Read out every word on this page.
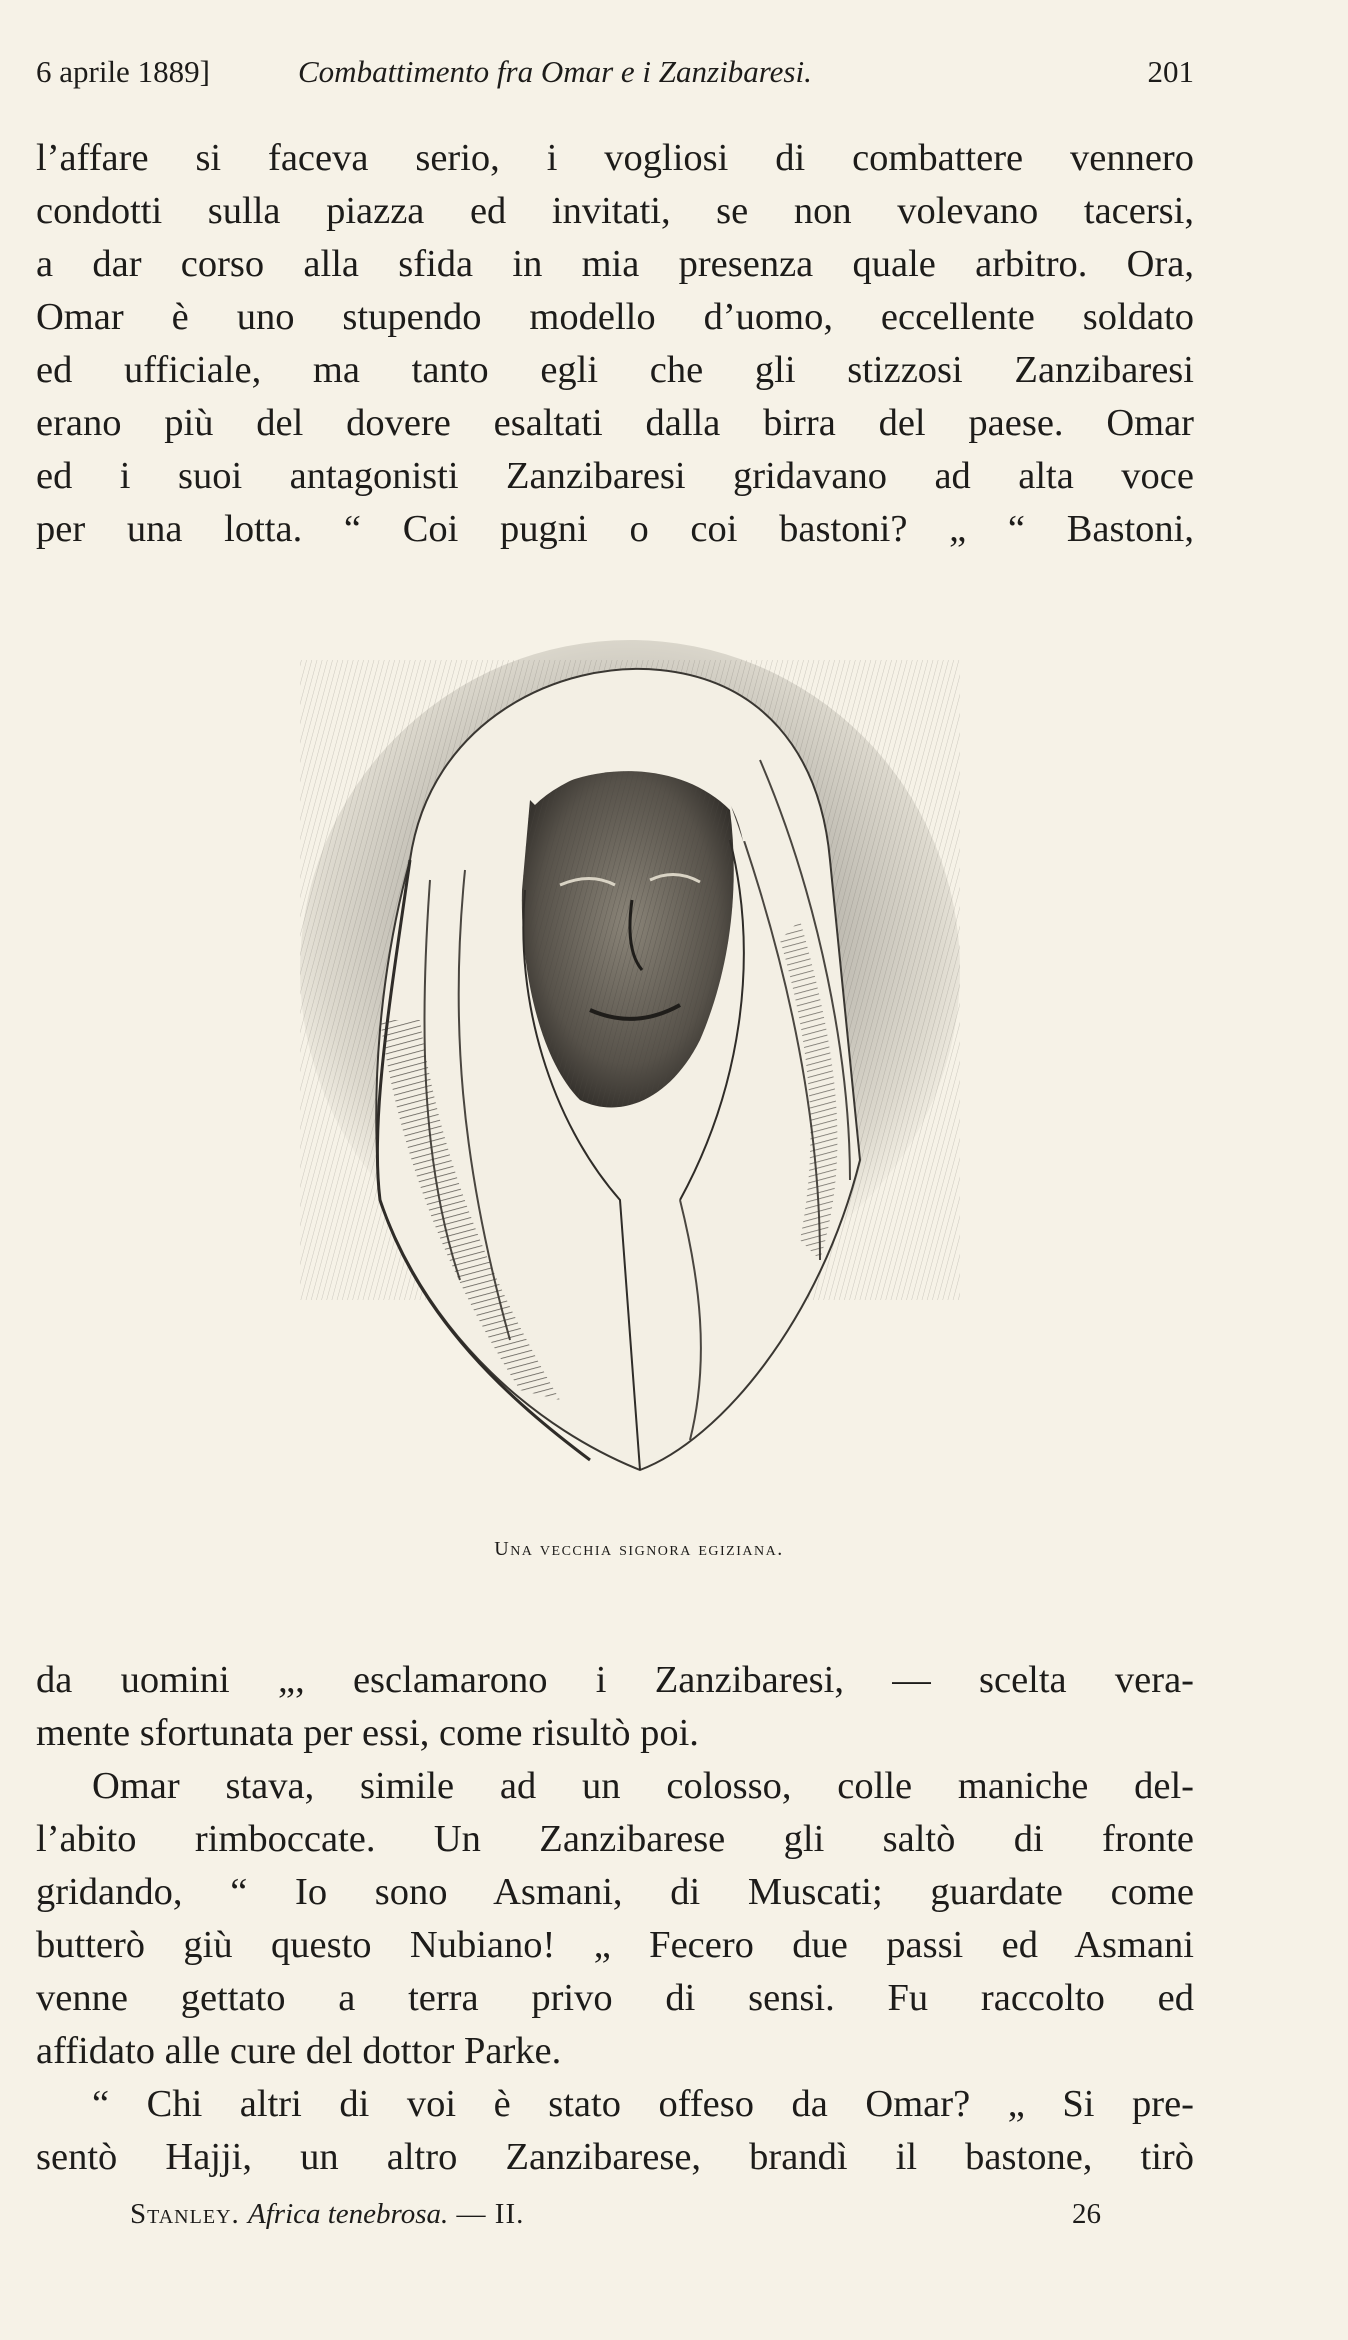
6 aprile 1889]	Combattimento fra Omar e i Zanzibaresi.	201
l’affare si faceva serio, i vogliosi di combattere vennero
condotti sulla piazza ed invitati, se non volevano tacersi,
a dar corso alla sfida in mia presenza quale arbitro. Ora,
Omar è uno stupendo modello d’uomo, eccellente soldato
ed ufficiale, ma tanto egli che gli stizzosi Zanzibaresi
erano più del dovere esaltati dalla birra del paese. Omar
ed i suoi antagonisti Zanzibaresi gridavano ad alta voce
per una lotta. “ Coi pugni o coi bastoni? „ “ Bastoni,
Una vecchia signora egiziana.
da uomini „, esclamarono i Zanzibaresi, — scelta vera-
mente sfortunata per essi, come risultò poi.
Omar stava, simile ad un colosso, colle maniche del-
l’abito rimboccate. Un Zanzibarese gli saltò di fronte
gridando, “ Io sono Asmani, di Muscati; guardate come
butterò giù questo Nubiano! „ Fecero due passi ed Asmani
venne gettato a terra privo di sensi. Fu raccolto ed
affidato alle cure del dottor Parke.
“ Chi altri di voi è stato offeso da Omar? „ Si pre-
sentò Hajji, un altro Zanzibarese, brandì il bastone, tirò
Stanley. Africa tenebrosa. — II.	26
